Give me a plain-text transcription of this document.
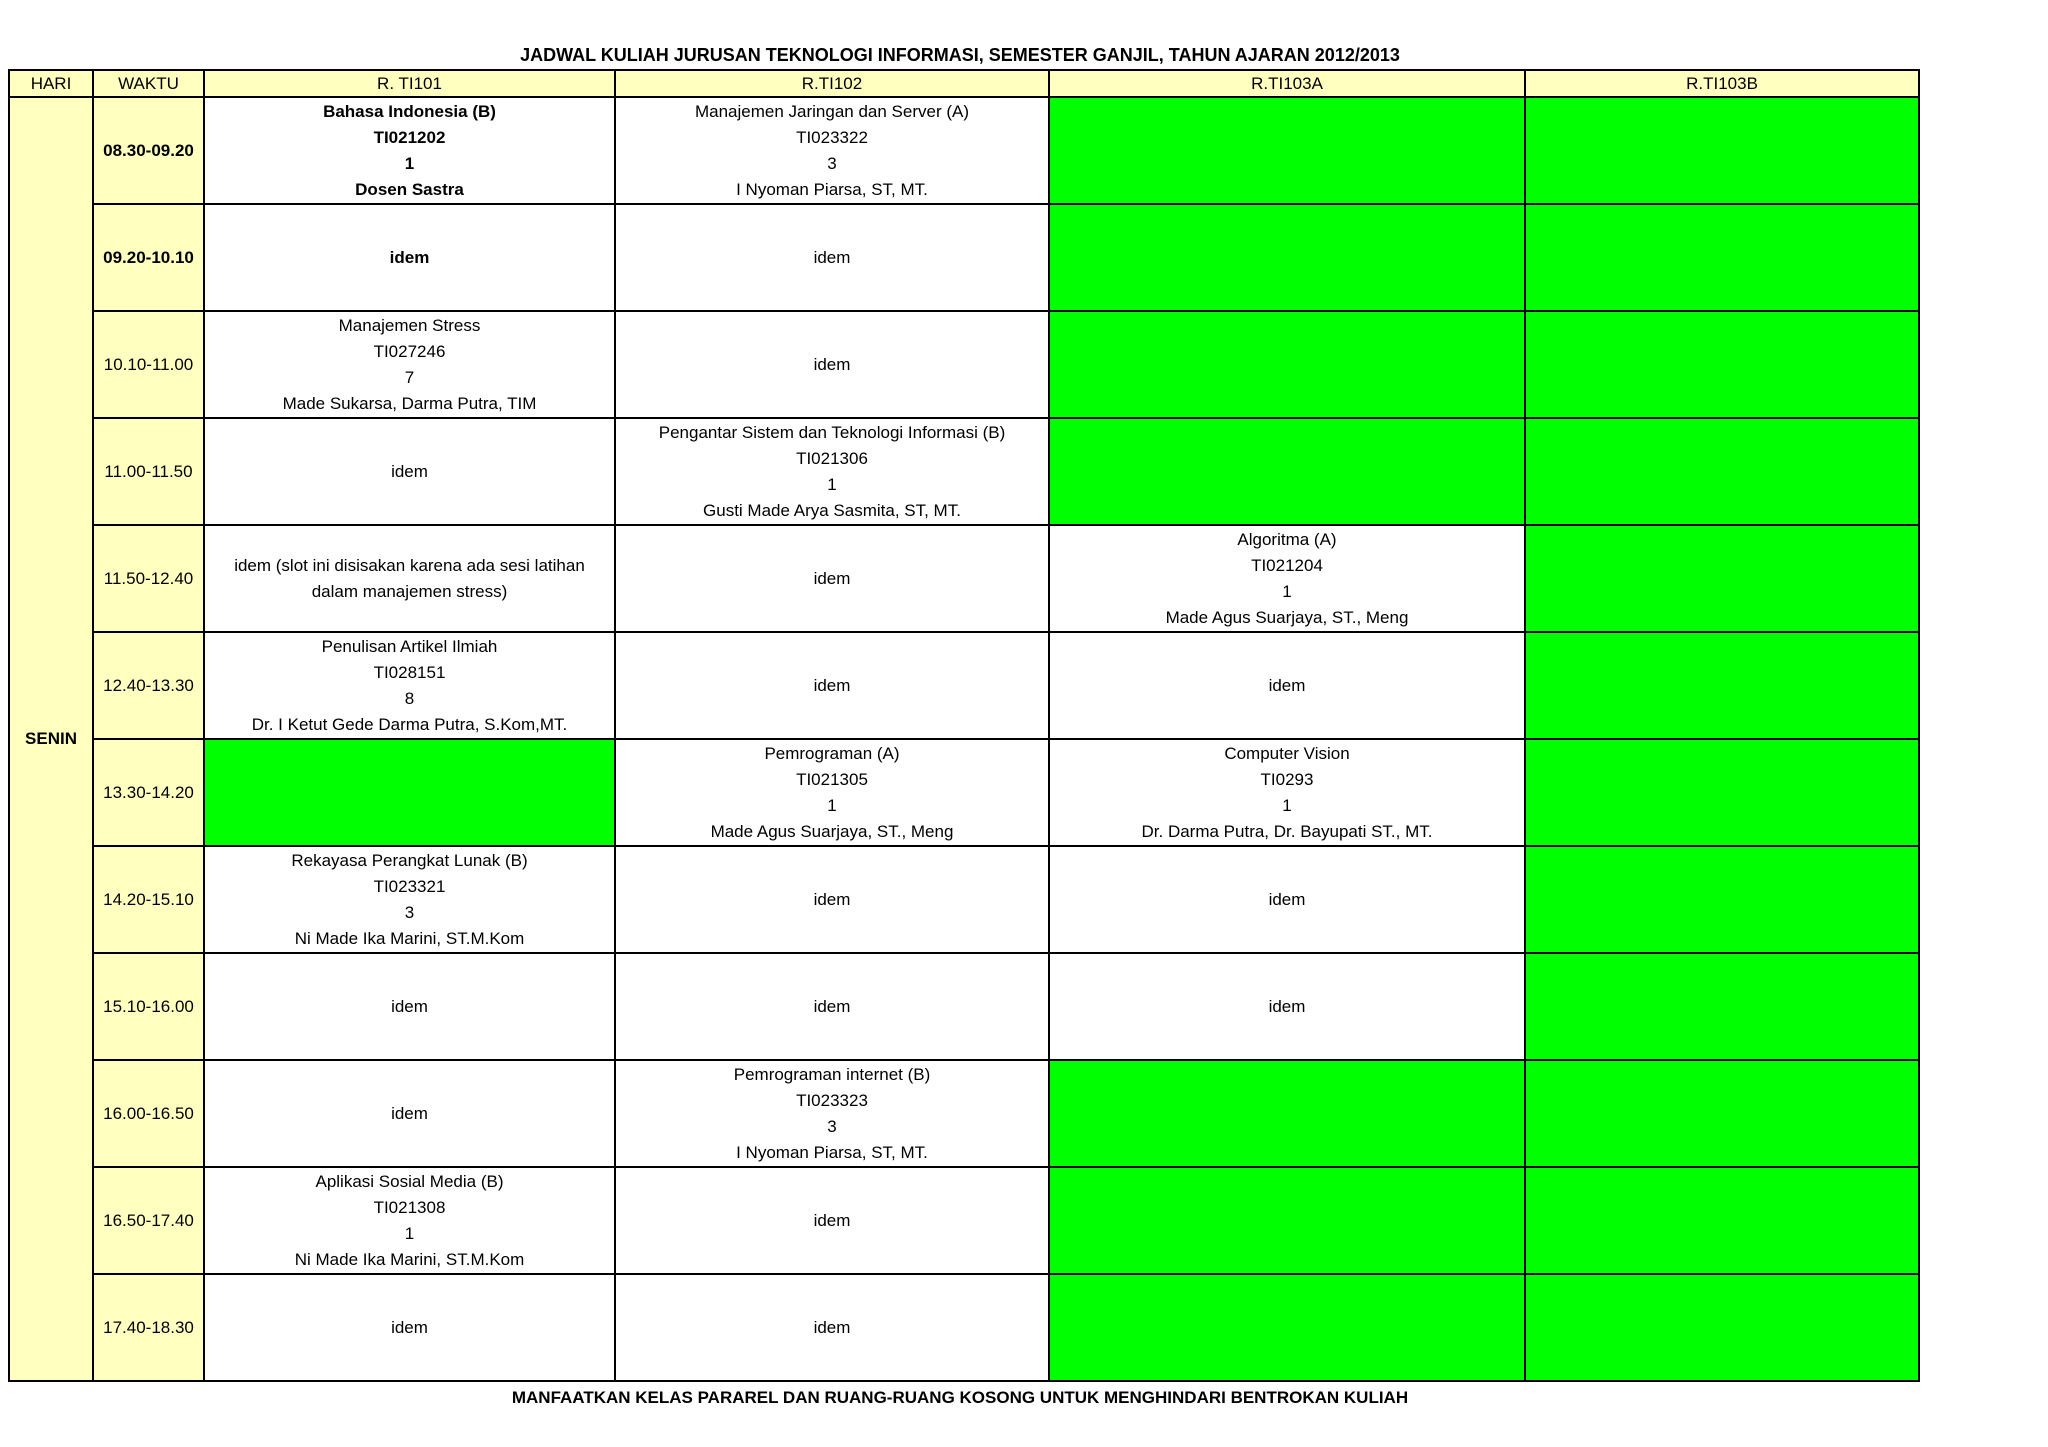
JADWAL KULIAH JURUSAN TEKNOLOGI INFORMASI, SEMESTER GANJIL, TAHUN AJARAN 2012/2013
HARI	WAKTU	R. TI101	R.TI102	R.TI103A	R.TI103B
SENIN	08.30-09.20	Bahasa Indonesia (B)
TI021202
1
Dosen Sastra	Manajemen Jaringan dan Server (A)
TI023322
3
I Nyoman Piarsa, ST, MT.		

	09.20-10.10	idem	idem		

	10.10-11.00	Manajemen Stress
TI027246
7
Made Sukarsa, Darma Putra, TIM	idem		

	11.00-11.50	idem	Pengantar Sistem dan Teknologi Informasi (B)
TI021306
1
Gusti Made Arya Sasmita, ST, MT.		

	11.50-12.40	idem (slot ini disisakan karena ada sesi latihan
dalam manajemen stress)	idem	Algoritma (A)
TI021204
1
Made Agus Suarjaya, ST., Meng	

	12.40-13.30	Penulisan Artikel Ilmiah
TI028151
8
Dr. I Ketut Gede Darma Putra, S.Kom,MT.	idem	idem	

	13.30-14.20		Pemrograman (A)
TI021305
1
Made Agus Suarjaya, ST., Meng	Computer Vision
TI0293
1
Dr. Darma Putra, Dr. Bayupati ST., MT.	

	14.20-15.10	Rekayasa Perangkat Lunak (B)
TI023321
3
Ni Made Ika Marini, ST.M.Kom	idem	idem	

	15.10-16.00	idem	idem	idem	

	16.00-16.50	idem	Pemrograman internet (B)
TI023323
3
I Nyoman Piarsa, ST, MT.		

	16.50-17.40	Aplikasi Sosial Media (B)
TI021308
1
Ni Made Ika Marini, ST.M.Kom	idem		

	17.40-18.30	idem	idem		

MANFAATKAN KELAS PARAREL DAN RUANG-RUANG KOSONG UNTUK MENGHINDARI BENTROKAN KULIAH
